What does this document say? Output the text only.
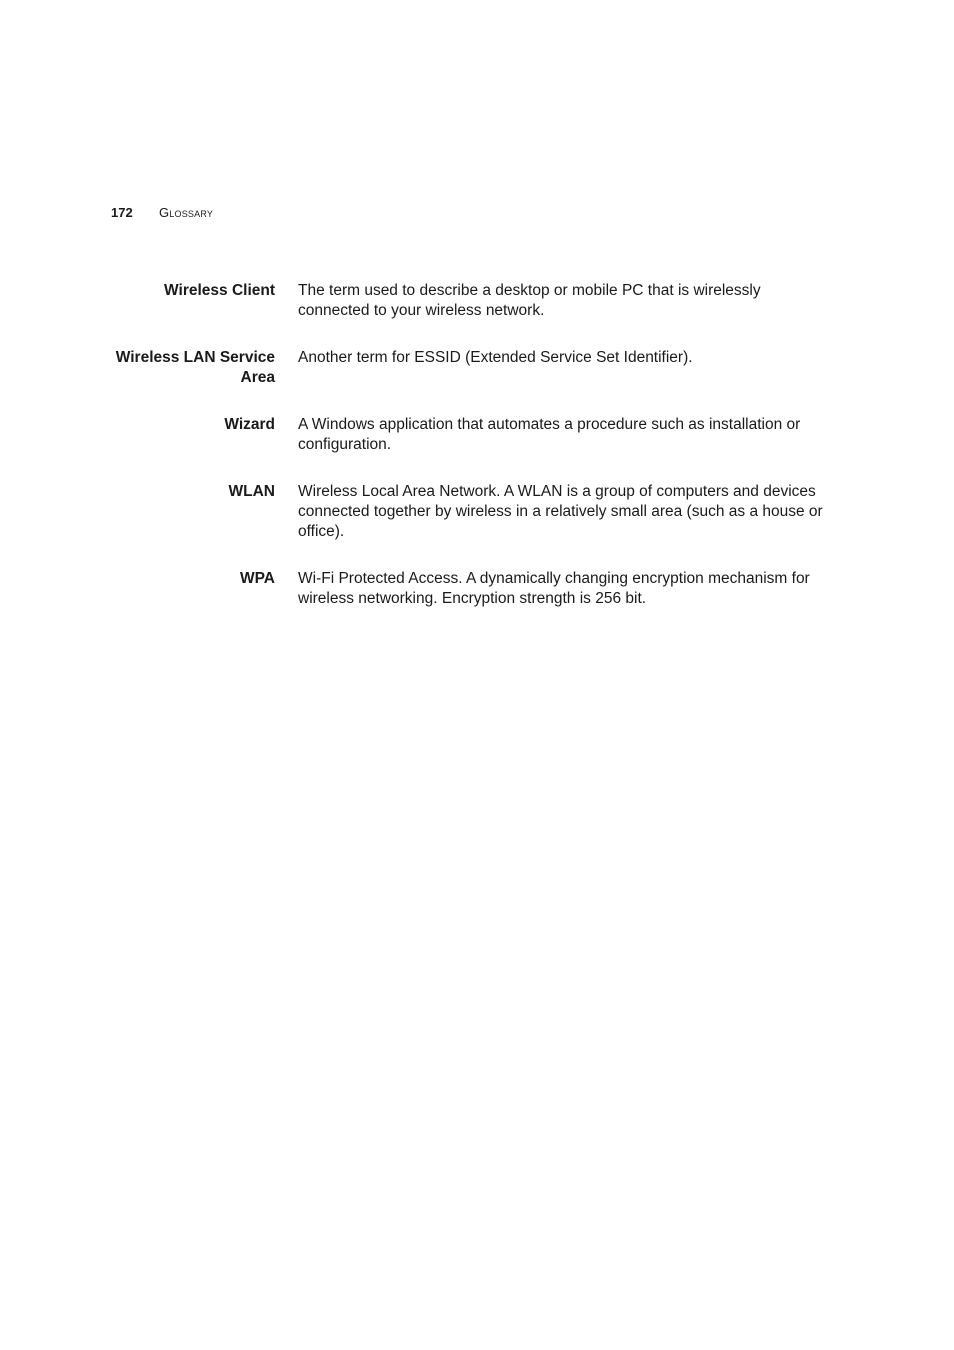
172	Glossary
Wireless Client The term used to describe a desktop or mobile PC that is wirelessly connected to your wireless network.
Wireless LAN Service Area
Another term for ESSID (Extended Service Set Identifier).
Wizard A Windows application that automates a procedure such as installation or configuration.
WLAN Wireless Local Area Network. A WLAN is a group of computers and devices connected together by wireless in a relatively small area (such as a house or office).
WPA Wi-Fi Protected Access. A dynamically changing encryption mechanism for wireless networking. Encryption strength is 256 bit.
